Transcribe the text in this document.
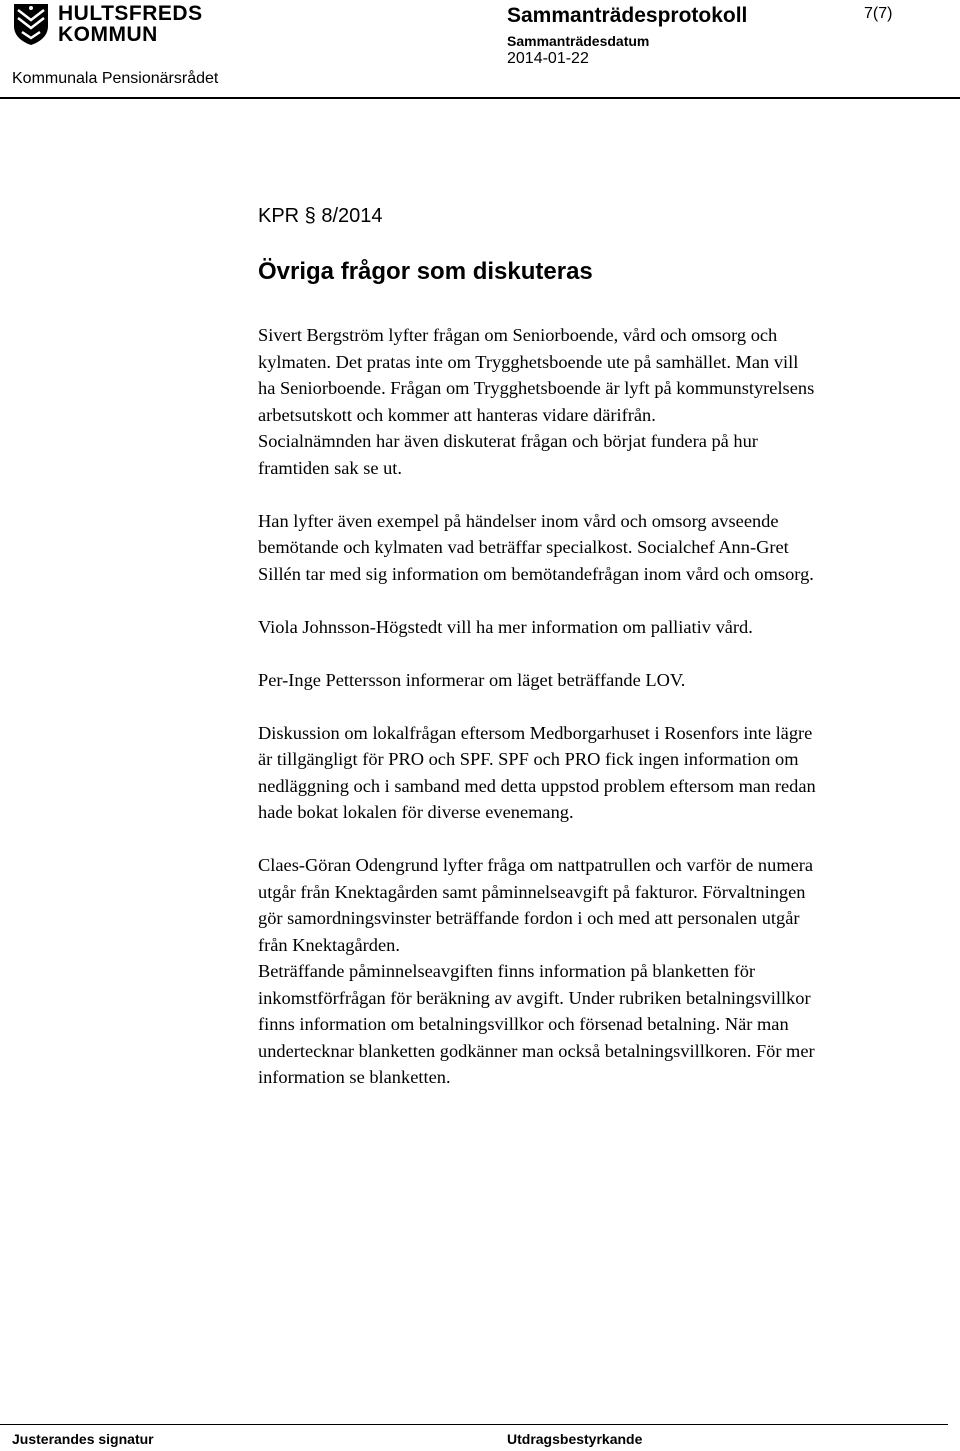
HULTSFREDS
KOMMUN
Kommunala Pensionärsrådet
Sammanträdesprotokoll
Sammanträdesdatum
2014-01-22
7(7)
KPR § 8/2014
Övriga frågor som diskuteras

Sivert Bergström lyfter frågan om Seniorboende, vård och omsorg och
kylmaten. Det pratas inte om Trygghetsboende ute på samhället. Man vill
ha Seniorboende. Frågan om Trygghetsboende är lyft på kommunstyrelsens
arbetsutskott och kommer att hanteras vidare därifrån.
Socialnämnden har även diskuterat frågan och börjat fundera på hur
framtiden sak se ut.

Han lyfter även exempel på händelser inom vård och omsorg avseende
bemötande och kylmaten vad beträffar specialkost. Socialchef Ann-Gret
Sillén tar med sig information om bemötandefrågan inom vård och omsorg.

Viola Johnsson-Högstedt vill ha mer information om palliativ vård.

Per-Inge Pettersson informerar om läget beträffande LOV.

Diskussion om lokalfrågan eftersom Medborgarhuset i Rosenfors inte lägre
är tillgängligt för PRO och SPF. SPF och PRO fick ingen information om
nedläggning och i samband med detta uppstod problem eftersom man redan
hade bokat lokalen för diverse evenemang.

Claes-Göran Odengrund lyfter fråga om nattpatrullen och varför de numera
utgår från Knektagården samt påminnelseavgift på fakturor. Förvaltningen
gör samordningsvinster beträffande fordon i och med att personalen utgår
från Knektagården.

Beträffande påminnelseavgiften finns information på blanketten för
inkomstförfrågan för beräkning av avgift. Under rubriken betalningsvillkor
finns information om betalningsvillkor och försenad betalning. När man
undertecknar blanketten godkänner man också betalningsvillkoren. För mer
information se blanketten.

Justerandes signatur	Utdragsbestyrkande
